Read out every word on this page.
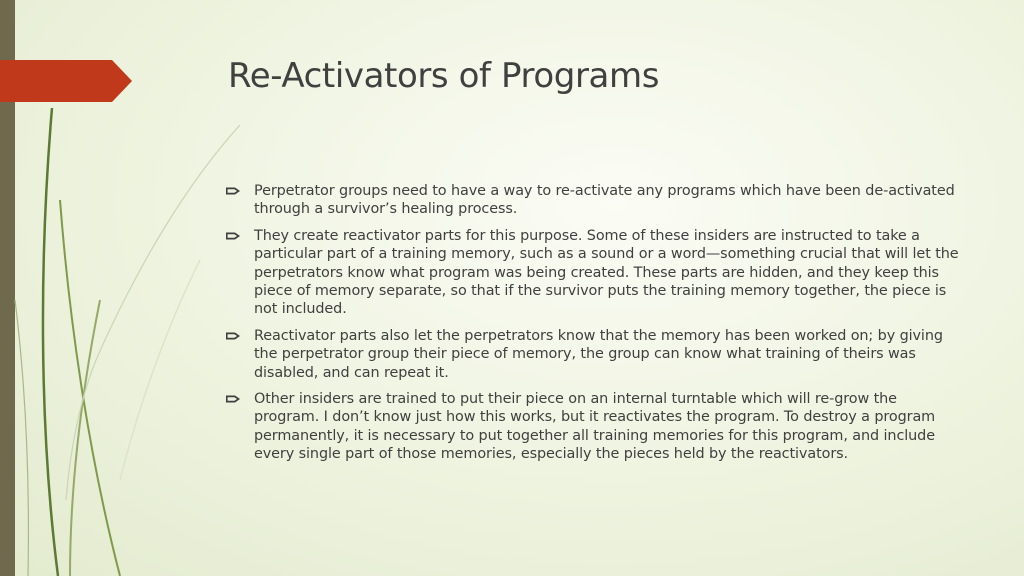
Re-Activators of Programs
Perpetrator groups need to have a way to re-activate any programs which have been de-activated through a survivor’s healing process.
They create reactivator parts for this purpose. Some of these insiders are instructed to take a particular part of a training memory, such as a sound or a word—something crucial that will let the perpetrators know what program was being created. These parts are hidden, and they keep this piece of memory separate, so that if the survivor puts the training memory together, the piece is not included.
Reactivator parts also let the perpetrators know that the memory has been worked on; by giving the perpetrator group their piece of memory, the group can know what training of theirs was disabled, and can repeat it.
Other insiders are trained to put their piece on an internal turntable which will re-grow the program. I don’t know just how this works, but it reactivates the program. To destroy a program permanently, it is necessary to put together all training memories for this program, and include every single part of those memories, especially the pieces held by the reactivators.
